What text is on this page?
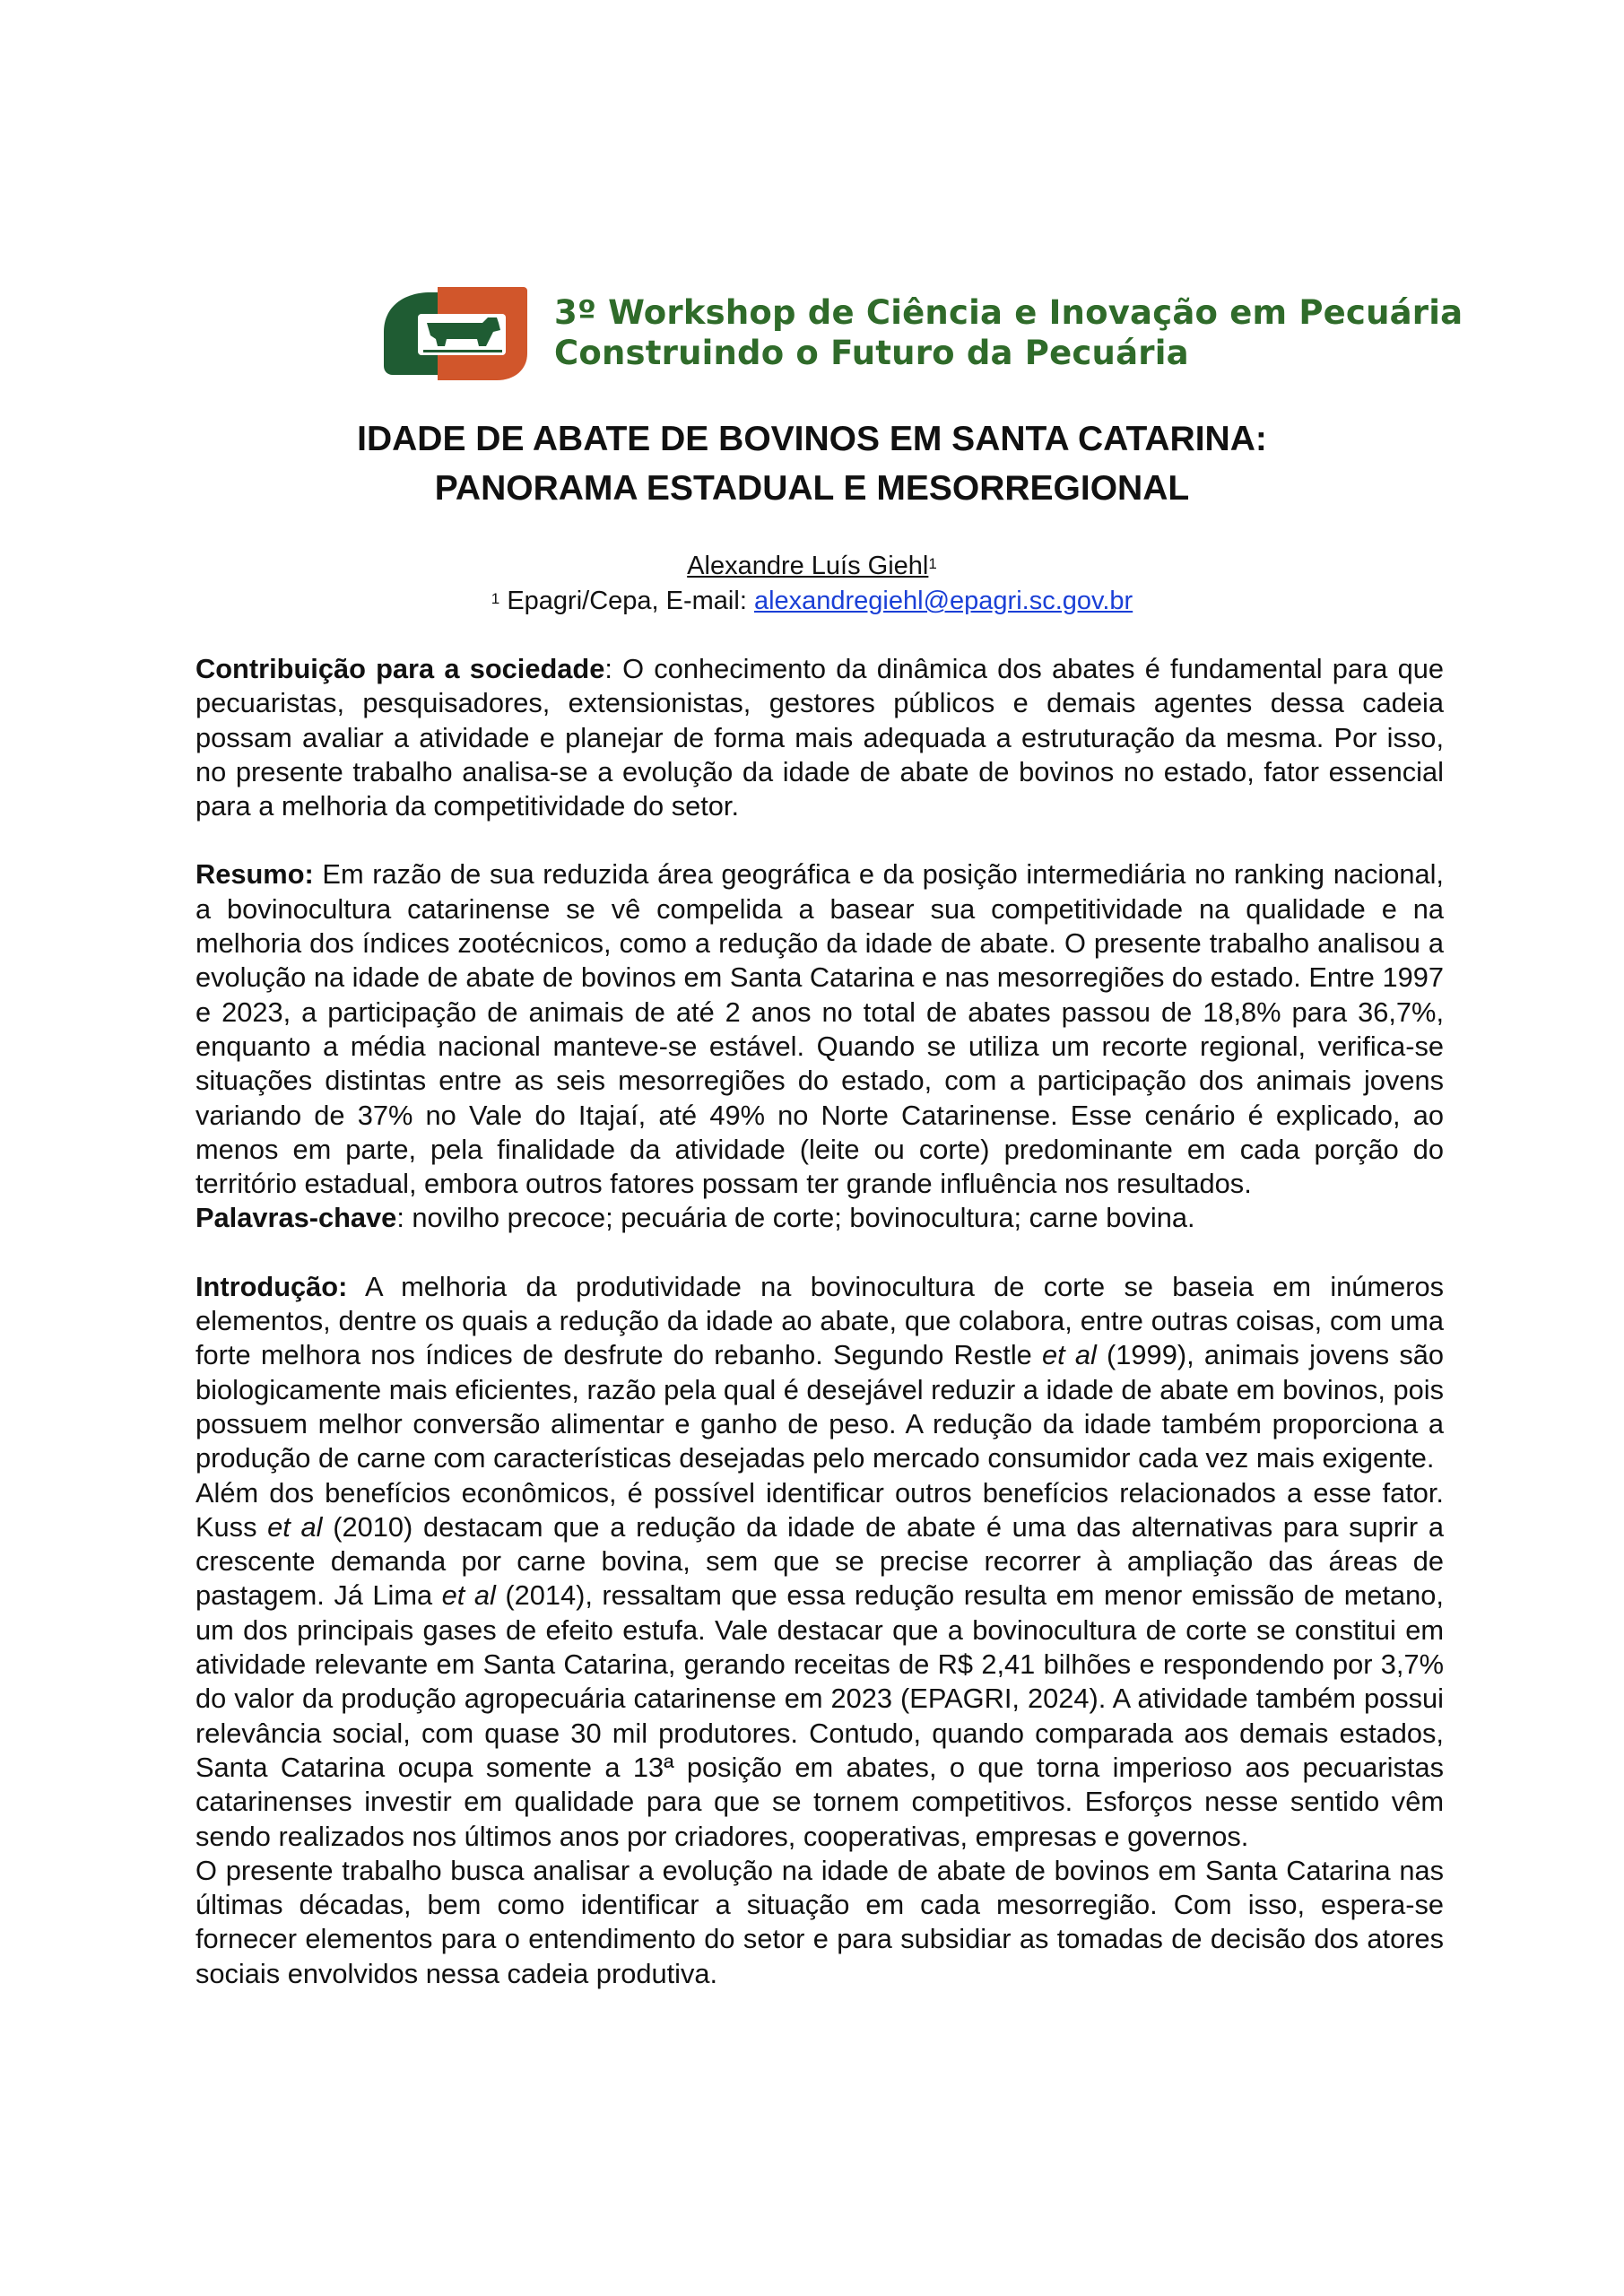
3º Workshop de Ciência e Inovação em Pecuária
Construindo o Futuro da Pecuária
IDADE DE ABATE DE BOVINOS EM SANTA CATARINA:
PANORAMA ESTADUAL E MESORREGIONAL
Alexandre Luís Giehl$^1$
$^1$ Epagri/Cepa, E-mail: alexandregiehl@epagri.sc.gov.br

Contribuição para a sociedade: O conhecimento da dinâmica dos abates é fundamental para que pecuaristas, pesquisadores, extensionistas, gestores públicos e demais agentes dessa cadeia possam avaliar a atividade e planejar de forma mais adequada a estruturação da mesma. Por isso, no presente trabalho analisa-se a evolução da idade de abate de bovinos no estado, fator essencial para a melhoria da competitividade do setor.

Resumo: Em razão de sua reduzida área geográfica e da posição intermediária no ranking nacional, a bovinocultura catarinense se vê compelida a basear sua competitividade na qualidade e na melhoria dos índices zootécnicos, como a redução da idade de abate. O presente trabalho analisou a evolução na idade de abate de bovinos em Santa Catarina e nas mesorregiões do estado. Entre 1997 e 2023, a participação de animais de até 2 anos no total de abates passou de 18,8% para 36,7%, enquanto a média nacional manteve-se estável. Quando se utiliza um recorte regional, verifica-se situações distintas entre as seis mesorregiões do estado, com a participação dos animais jovens variando de 37% no Vale do Itajaí, até 49% no Norte Catarinense. Esse cenário é explicado, ao menos em parte, pela finalidade da atividade (leite ou corte) predominante em cada porção do território estadual, embora outros fatores possam ter grande influência nos resultados.

Palavras-chave: novilho precoce; pecuária de corte; bovinocultura; carne bovina.

Introdução: A melhoria da produtividade na bovinocultura de corte se baseia em inúmeros elementos, dentre os quais a redução da idade ao abate, que colabora, entre outras coisas, com uma forte melhora nos índices de desfrute do rebanho. Segundo Restle et al (1999), animais jovens são biologicamente mais eficientes, razão pela qual é desejável reduzir a idade de abate em bovinos, pois possuem melhor conversão alimentar e ganho de peso. A redução da idade também proporciona a produção de carne com características desejadas pelo mercado consumidor cada vez mais exigente.

Além dos benefícios econômicos, é possível identificar outros benefícios relacionados a esse fator. Kuss et al (2010) destacam que a redução da idade de abate é uma das alternativas para suprir a crescente demanda por carne bovina, sem que se precise recorrer à ampliação das áreas de pastagem. Já Lima et al (2014), ressaltam que essa redução resulta em menor emissão de metano, um dos principais gases de efeito estufa. Vale destacar que a bovinocultura de corte se constitui em atividade relevante em Santa Catarina, gerando receitas de R$ 2,41 bilhões e respondendo por 3,7% do valor da produção agropecuária catarinense em 2023 (EPAGRI, 2024). A atividade também possui relevância social, com quase 30 mil produtores. Contudo, quando comparada aos demais estados, Santa Catarina ocupa somente a 13ª posição em abates, o que torna imperioso aos pecuaristas catarinenses investir em qualidade para que se tornem competitivos. Esforços nesse sentido vêm sendo realizados nos últimos anos por criadores, cooperativas, empresas e governos.

O presente trabalho busca analisar a evolução na idade de abate de bovinos em Santa Catarina nas últimas décadas, bem como identificar a situação em cada mesorregião. Com isso, espera-se fornecer elementos para o entendimento do setor e para subsidiar as tomadas de decisão dos atores sociais envolvidos nessa cadeia produtiva.
